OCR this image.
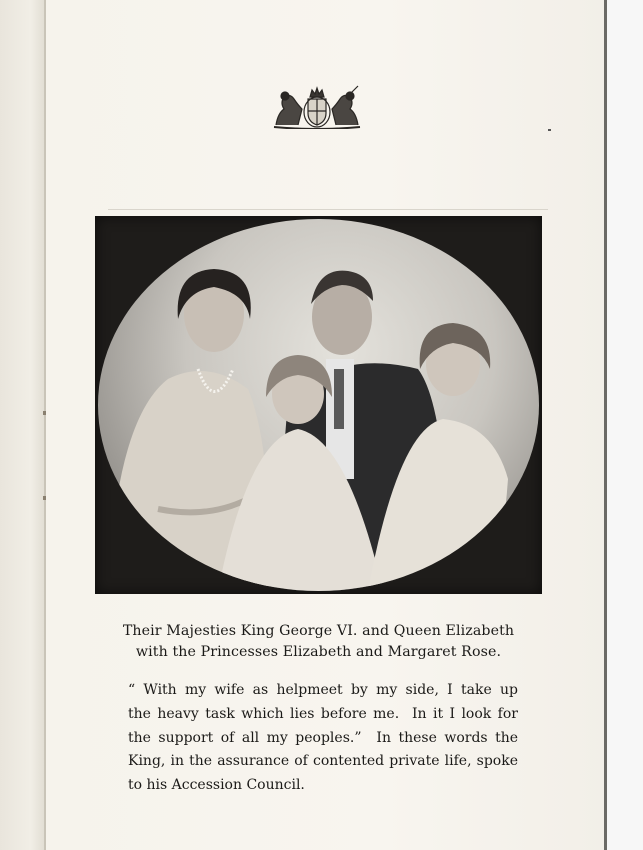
Their Majesties King George VI. and Queen Elizabeth
with the Princesses Elizabeth and Margaret Rose.
“ With my wife as helpmeet by my side, I take up
the heavy task which lies before me.  In it I look for
the support of all my peoples.”  In these words the
King, in the assurance of contented private life, spoke
to his Accession Council.
